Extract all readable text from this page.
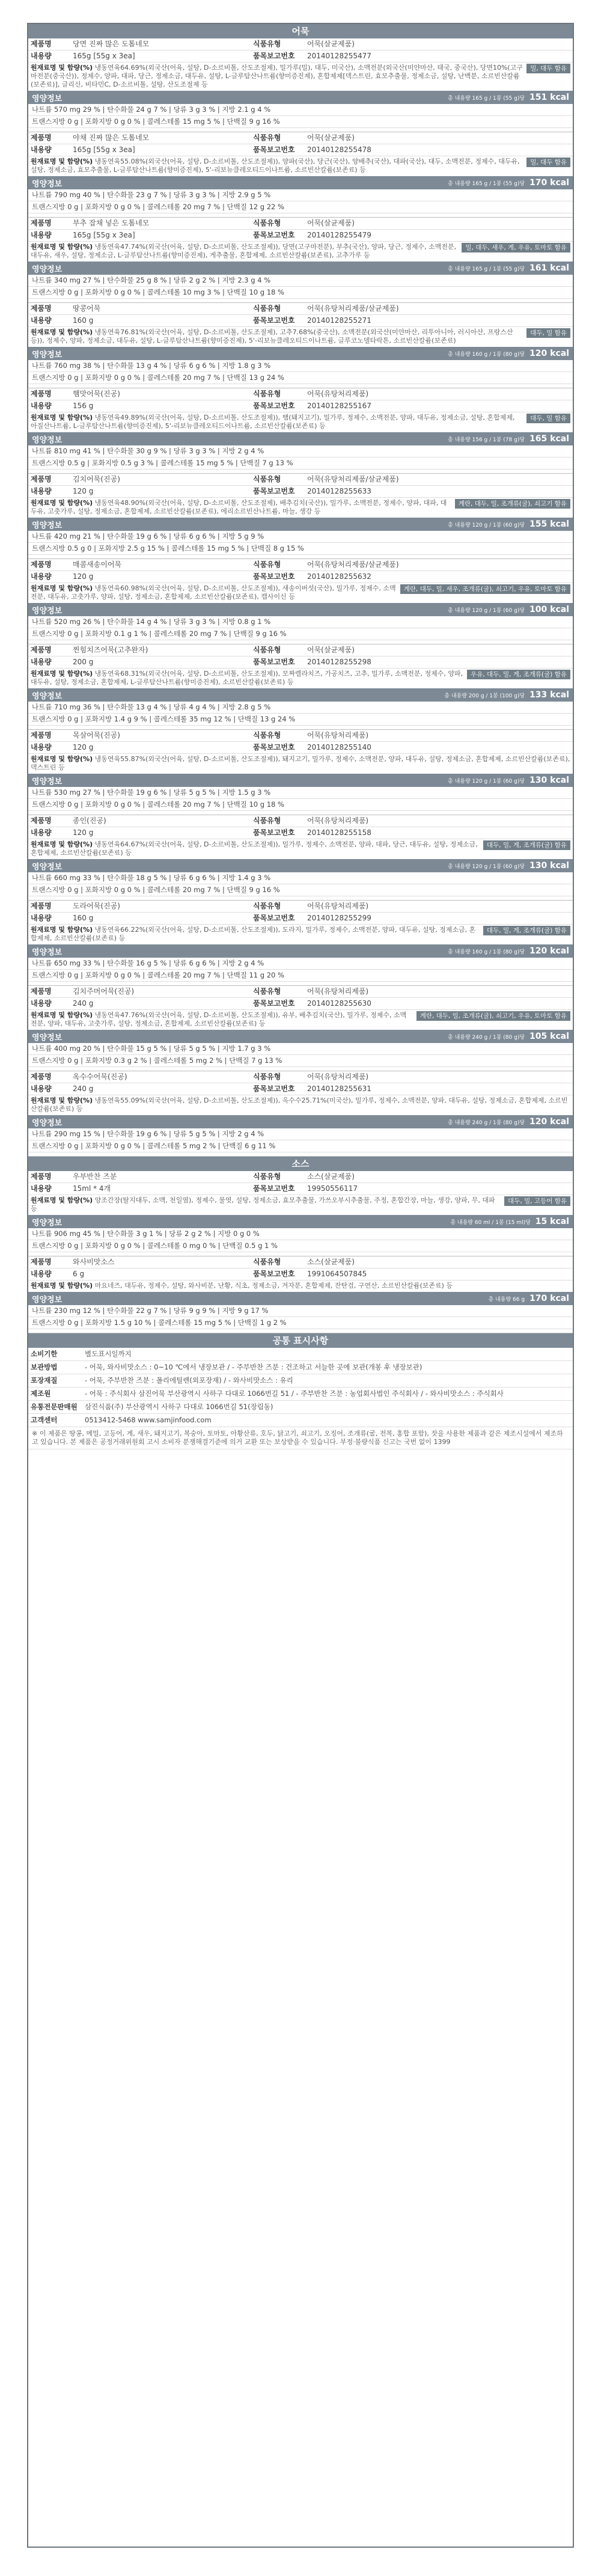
어묵
제품명	당면 진짜 많은 도톰네모	식품유형	어묵(살균제품)
내용량	165g [55g x 3ea]	품목보고번호	20140128255477
밀, 대두 함유
원재료명 및 함량(%) 냉동연육64.69%(외국산(어육, 설탕, D-소르비톨, 산도조절제), 밀가루(밀), 대두, 미국산), 소맥전분(외국산(미얀마산, 태국, 중국산), 당면10%(고구마전분(중국산)), 정제수, 양파, 대파, 당근, 정제소금, 대두유, 설탕, L-글루탐산나트륨(향미증진제), 혼합제제[덱스트린, 효모추출물, 정제소금, 설탕, 난백분, 소르빈산칼륨(보존료)], 글리신, 비타민C, D-소르비톨, 설탕, 산도조절제 등
영양정보	총 내용량 165 g / 1봉 (55 g)당 151 kcal
나트륨 570 mg 29 % | 탄수화물 24 g 7 % | 당류 3 g 3 % | 지방 2.1 g 4 %
트랜스지방 0 g | 포화지방 0 g 0 % | 콜레스테롤 15 mg 5 % | 단백질 9 g 16 %
제품명	야채 진짜 많은 도톰네모	식품유형	어묵(살균제품)
내용량	165g [55g x 3ea]	품목보고번호	20140128255478
밀, 대두 함유
원재료명 및 함량(%) 냉동연육55.08%(외국산(어육, 설탕, D-소르비톨, 산도조절제)), 양파(국산), 당근(국산), 양배추(국산), 대파(국산), 대두, 소맥전분, 정제수, 대두유, 설탕, 정제소금, 효모추출물, L-글루탐산나트륨(향미증진제), 5'-리보뉴클레오티드이나트륨, 소르빈산칼륨(보존료) 등
영양정보	총 내용량 165 g / 1봉 (55 g)당 170 kcal
나트륨 790 mg 40 % | 탄수화물 23 g 7 % | 당류 3 g 3 % | 지방 2.9 g 5 %
트랜스지방 0 g | 포화지방 0 g 0 % | 콜레스테롤 20 mg 7 % | 단백질 12 g 22 %
제품명	부추 잡채 넣은 도톰네모	식품유형	어묵(살균제품)
내용량	165g [55g x 3ea]	품목보고번호	20140128255479
밀, 대두, 새우, 게, 우유, 토마토 함유
원재료명 및 함량(%) 냉동연육47.74%(외국산(어육, 설탕, D-소르비톨, 산도조절제)), 당면(고구마전분), 부추(국산), 양파, 당근, 정제수, 소맥전분, 대두유, 새우, 설탕, 정제소금, L-글루탐산나트륨(향미증진제), 게추출물, 혼합제제, 소르빈산칼륨(보존료), 고추가루 등
영양정보	총 내용량 165 g / 1봉 (55 g)당 161 kcal
나트륨 340 mg 27 % | 탄수화물 25 g 8 % | 당류 2 g 2 % | 지방 2.3 g 4 %
트랜스지방 0 g | 포화지방 0 g 0 % | 콜레스테롤 10 mg 3 % | 단백질 10 g 18 %
제품명	땅콩어묵	식품유형	어묵(유탕처리제품/살균제품)
내용량	160 g	품목보고번호	20140128255271
대두, 밀 함유
원재료명 및 함량(%) 냉동연육76.81%(외국산(어육, 설탕, D-소르비톨, 산도조절제), 고추7.68%(중국산), 소맥전분(외국산(미얀마산, 리투아니아, 러시아산, 프랑스산 등)), 정제수, 양파, 정제소금, 대두유, 설탕, L-글루탐산나트륨(향미증진제), 5'-리보뉴클레오티드이나트륨, 글루코노델타락톤, 소르빈산칼륨(보존료)
영양정보	총 내용량 160 g / 1봉 (80 g)당 120 kcal
나트륨 760 mg 38 % | 탄수화물 13 g 4 % | 당류 6 g 6 % | 지방 1.8 g 3 %
트랜스지방 0 g | 포화지방 0 g 0 % | 콜레스테롤 20 mg 7 % | 단백질 13 g 24 %
제품명	햄맛어묵(진공)	식품유형	어묵(유탕처리제품)
내용량	156 g	품목보고번호	20140128255167
대두, 밀 함유
원재료명 및 함량(%) 냉동연육49.89%(외국산(어육, 설탕, D-소르비톨, 산도조절제)), 햄(돼지고기), 밀가루, 정제수, 소맥전분, 양파, 대두유, 정제소금, 설탕, 혼합제제, 아질산나트륨, L-글루탐산나트륨(향미증진제), 5'-리보뉴클레오티드이나트륨, 소르빈산칼륨(보존료) 등
영양정보	총 내용량 156 g / 1봉 (78 g)당 165 kcal
나트륨 810 mg 41 % | 탄수화물 30 g 9 % | 당류 3 g 3 % | 지방 2 g 4 %
트랜스지방 0.5 g | 포화지방 0.5 g 3 % | 콜레스테롤 15 mg 5 % | 단백질 7 g 13 %
제품명	김치어묵(진공)	식품유형	어묵(유탕처리제품/살균제품)
내용량	120 g	품목보고번호	20140128255633
계란, 대두, 밀, 조개류(굴), 쇠고기 함유
원재료명 및 함량(%) 냉동연육48.90%(외국산(어육, 설탕, D-소르비톨, 산도조절제), 배추김치(국산)), 밀가루, 소맥전분, 정제수, 양파, 대파, 대두유, 고춧가루, 설탕, 정제소금, 혼합제제, 소르빈산칼륨(보존료), 에리소르빈산나트륨, 마늘, 생강 등
영양정보	총 내용량 120 g / 1봉 (60 g)당 155 kcal
나트륨 420 mg 21 % | 탄수화물 19 g 6 % | 당류 6 g 6 % | 지방 5 g 9 %
트랜스지방 0.5 g 0 | 포화지방 2.5 g 15 % | 콜레스테롤 15 mg 5 % | 단백질 8 g 15 %
제품명	매콤새송이어묵	식품유형	어묵(유탕처리제품/살균제품)
내용량	120 g	품목보고번호	20140128255632
계란, 대두, 밀, 새우, 조개류(굴), 쇠고기, 우유, 토마토 함유
원재료명 및 함량(%) 냉동연육60.98%(외국산(어육, 설탕, D-소르비톨, 산도조절제)), 새송이버섯(국산), 밀가루, 정제수, 소맥전분, 대두유, 고춧가루, 양파, 설탕, 정제소금, 혼합제제, 소르빈산칼륨(보존료), 캡사이신 등
영양정보	총 내용량 120 g / 1봉 (60 g)당 100 kcal
나트륨 520 mg 26 % | 탄수화물 14 g 4 % | 당류 3 g 3 % | 지방 0.8 g 1 %
트랜스지방 0 g | 포화지방 0.1 g 1 % | 콜레스테롤 20 mg 7 % | 단백질 9 g 16 %
제품명	찐힘치즈어묵(고추완자)	식품유형	어묵(살균제품)
내용량	200 g	품목보고번호	20140128255298
우유, 대두, 밀, 게, 조개류(굴) 함유
원재료명 및 함량(%) 냉동연육68.31%(외국산(어육, 설탕, D-소르비톨, 산도조절제)), 모짜렐라치즈, 가공치즈, 고추, 밀가루, 소맥전분, 정제수, 양파, 대두유, 설탕, 정제소금, 혼합제제, L-글루탐산나트륨(향미증진제), 소르빈산칼륨(보존료) 등
영양정보	총 내용량 200 g / 1봉 (100 g)당 133 kcal
나트륨 710 mg 36 % | 탄수화물 13 g 4 % | 당류 4 g 4 % | 지방 2.8 g 5 %
트랜스지방 0 g | 포화지방 1.4 g 9 % | 콜레스테롤 35 mg 12 % | 단백질 13 g 24 %
제품명	목살어묵(진공)	식품유형	어묵(유탕처리제품)
내용량	120 g	품목보고번호	20140128255140
원재료명 및 함량(%) 냉동연육55.87%(외국산(어육, 설탕, D-소르비톨, 산도조절제)), 돼지고기, 밀가루, 정제수, 소맥전분, 양파, 대두유, 설탕, 정제소금, 혼합제제, 소르빈산칼륨(보존료), 덱스트린 등
영양정보	총 내용량 120 g / 1봉 (60 g)당 130 kcal
나트륨 530 mg 27 % | 탄수화물 19 g 6 % | 당류 5 g 5 % | 지방 1.5 g 3 %
트랜스지방 0 g | 포화지방 0 g 0 % | 콜레스테롤 20 mg 7 % | 단백질 10 g 18 %
제품명	종인(진공)	식품유형	어묵(유탕처리제품)
내용량	120 g	품목보고번호	20140128255158
대두, 밀, 게, 조개류(굴) 함유
원재료명 및 함량(%) 냉동연육64.67%(외국산(어육, 설탕, D-소르비톨, 산도조절제)), 밀가루, 정제수, 소맥전분, 양파, 대파, 당근, 대두유, 설탕, 정제소금, 혼합제제, 소르빈산칼륨(보존료) 등
영양정보	총 내용량 120 g / 1봉 (60 g)당 130 kcal
나트륨 660 mg 33 % | 탄수화물 18 g 5 % | 당류 6 g 6 % | 지방 1.4 g 3 %
트랜스지방 0 g | 포화지방 0 g 0 % | 콜레스테롤 20 mg 7 % | 단백질 9 g 16 %
제품명	도라어묵(진공)	식품유형	어묵(유탕처리제품)
내용량	160 g	품목보고번호	20140128255299
대두, 밀, 게, 조개류(굴) 함유
원재료명 및 함량(%) 냉동연육66.22%(외국산(어육, 설탕, D-소르비톨, 산도조절제)), 도라지, 밀가루, 정제수, 소맥전분, 양파, 대두유, 설탕, 정제소금, 혼합제제, 소르빈산칼륨(보존료) 등
영양정보	총 내용량 160 g / 1봉 (80 g)당 120 kcal
나트륨 650 mg 33 % | 탄수화물 16 g 5 % | 당류 6 g 6 % | 지방 2 g 4 %
트랜스지방 0 g | 포화지방 0 g 0 % | 콜레스테롤 20 mg 7 % | 단백질 11 g 20 %
제품명	김치주머어묵(진공)	식품유형	어묵(유탕처리제품)
내용량	240 g	품목보고번호	20140128255630
계란, 대두, 밀, 조개류(굴), 쇠고기, 우유, 토마토 함유
원재료명 및 함량(%) 냉동연육47.76%(외국산(어육, 설탕, D-소르비톨, 산도조절제)), 유부, 배추김치(국산), 밀가루, 정제수, 소맥전분, 양파, 대두유, 고춧가루, 설탕, 정제소금, 혼합제제, 소르빈산칼륨(보존료) 등
영양정보	총 내용량 240 g / 1봉 (80 g)당 105 kcal
나트륨 400 mg 20 % | 탄수화물 15 g 5 % | 당류 5 g 5 % | 지방 1.7 g 3 %
트랜스지방 0 g | 포화지방 0.3 g 2 % | 콜레스테롤 5 mg 2 % | 단백질 7 g 13 %
제품명	옥수수어묵(진공)	식품유형	어묵(유탕처리제품)
내용량	240 g	품목보고번호	20140128255631
원재료명 및 함량(%) 냉동연육55.09%(외국산(어육, 설탕, D-소르비톨, 산도조절제)), 옥수수25.71%(미국산), 밀가루, 정제수, 소맥전분, 양파, 대두유, 설탕, 정제소금, 혼합제제, 소르빈산칼륨(보존료) 등
영양정보	총 내용량 240 g / 1봉 (80 g)당 120 kcal
나트륨 290 mg 15 % | 탄수화물 19 g 6 % | 당류 5 g 5 % | 지방 2 g 4 %
트랜스지방 0 g | 포화지방 0 g 0 % | 콜레스테롤 5 mg 2 % | 단백질 6 g 11 %
소스
제품명	우부반찬 즈분	식품유형	소스(살균제품)
내용량	15ml * 4개	품목보고번호	19950556117
대두, 밀, 고등어 함유
원재료명 및 함량(%) 양조간장(탈지대두, 소맥, 천일염), 정제수, 물엿, 설탕, 정제소금, 효모추출물, 가쓰오부시추출물, 주정, 혼합간장, 마늘, 생강, 양파, 무, 대파 등
영양정보	총 내용량 60 ml / 1봉 (15 ml)당 15 kcal
나트륨 906 mg 45 % | 탄수화물 3 g 1 % | 당류 2 g 2 % | 지방 0 g 0 %
트랜스지방 0 g | 포화지방 0 g 0 % | 콜레스테롤 0 mg 0 % | 단백질 0.5 g 1 %
제품명	와사비맛소스	식품유형	소스(살균제품)
내용량	6 g	품목보고번호	1991064507845
원재료명 및 함량(%) 마요네즈, 대두유, 정제수, 설탕, 와사비분, 난황, 식초, 정제소금, 겨자분, 혼합제제, 잔탄검, 구연산, 소르빈산칼륨(보존료) 등
영양정보	총 내용량 66 g 170 kcal
나트륨 230 mg 12 % | 탄수화물 22 g 7 % | 당류 9 g 9 % | 지방 9 g 17 %
트랜스지방 0 g | 포화지방 1.5 g 10 % | 콜레스테롤 15 mg 5 % | 단백질 1 g 2 %
공통 표시사항
소비기한	별도표시일까지
보관방법	- 어묵, 와사비맛소스 : 0~10 ℃에서 냉장보관 / - 주부반찬 즈분 : 건조하고 서늘한 곳에 보관(개봉 후 냉장보관)
포장재질	- 어묵, 주부반찬 즈분 : 폴리에틸렌(외포장재) / - 와사비맛소스 : 유리
제조원	- 어묵 : 주식회사 삼진어묵 부산광역시 사하구 다대로 1066번길 51 / - 주부반찬 즈분 : 농업회사법인 주식회사 / - 와사비맛소스 : 주식회사
유통전문판매원	삼진식품(주) 부산광역시 사하구 다대로 1066번길 51(장림동)
고객센터	0513412-5468 www.samjinfood.com
※ 이 제품은 땅콩, 메밀, 고등어, 게, 새우, 돼지고기, 복숭아, 토마토, 아황산류, 호두, 닭고기, 쇠고기, 오징어, 조개류(굴, 전복, 홍합 포함), 잣을 사용한 제품과 같은 제조시설에서 제조하고 있습니다. 본 제품은 공정거래위원회 고시 소비자 분쟁해결기준에 의거 교환 또는 보상받을 수 있습니다. 부정·불량식품 신고는 국번 없이 1399
